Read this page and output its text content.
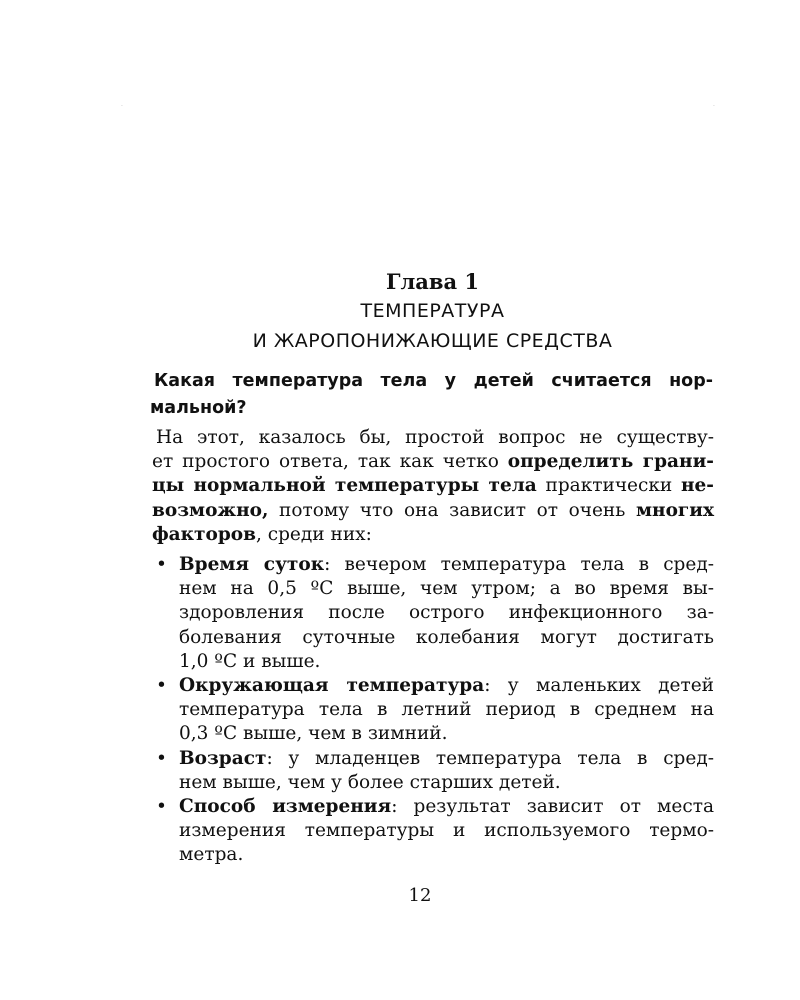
.	.
Глава 1
ТЕМПЕРАТУРА
И ЖАРОПОНИЖАЮЩИЕ СРЕДСТВА
Какая температура тела у детей считается нор-
мальной?
На этот, казалось бы, простой вопрос не существу-
ет простого ответа, так как четко определить грани-
цы нормальной температуры тела практически не-
возможно, потому что она зависит от очень многих
факторов, среди них:
• Время суток: вечером температура тела в сред-
нем на 0,5 ºC выше, чем утром; а во время вы-
здоровления после острого инфекционного за-
болевания суточные колебания могут достигать
1,0 ºC и выше.
• Окружающая температура: у маленьких детей
температура тела в летний период в среднем на
0,3 ºC выше, чем в зимний.
• Возраст: у младенцев температура тела в сред-
нем выше, чем у более старших детей.
• Способ измерения: результат зависит от места
измерения температуры и используемого термо-
метра.
12
